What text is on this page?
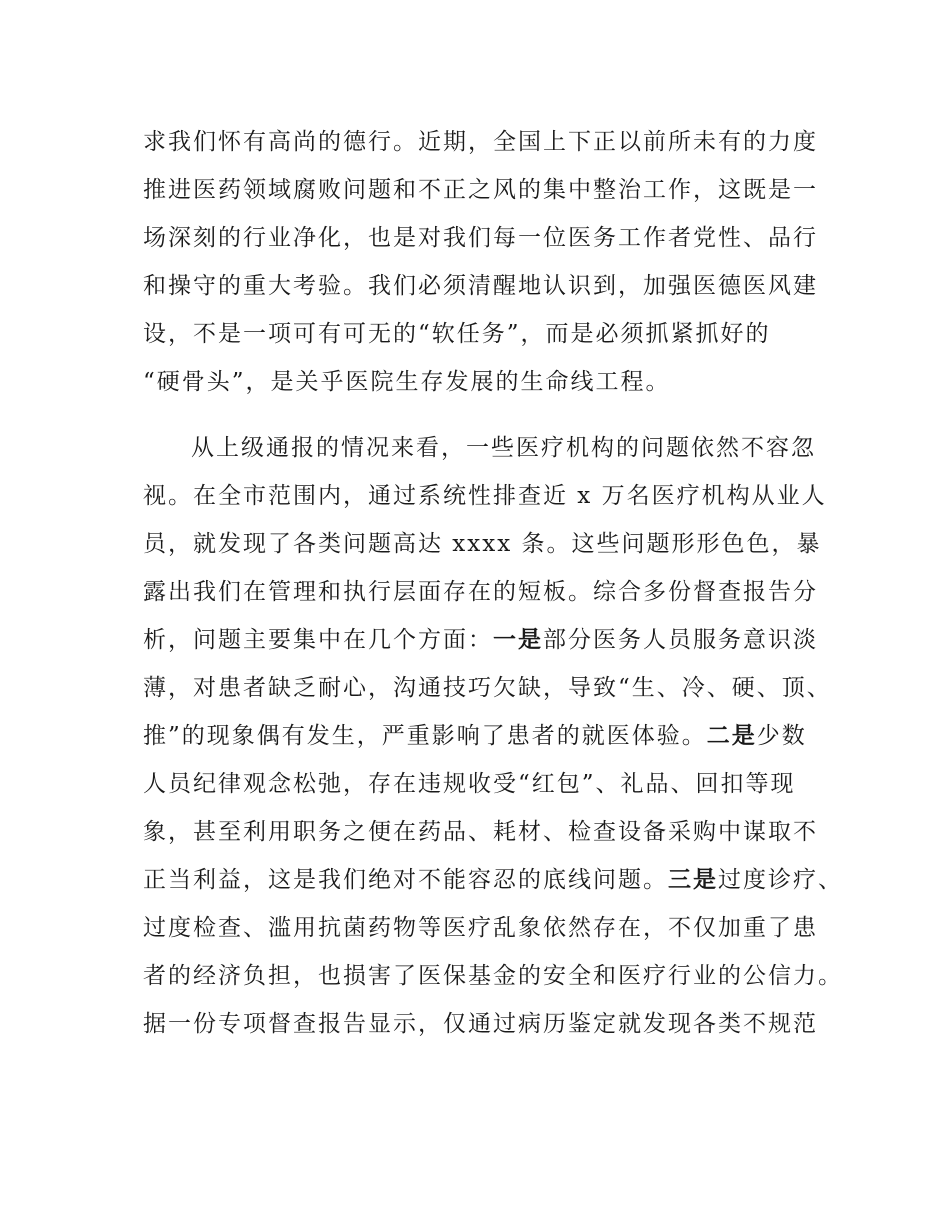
求我们怀有高尚的德行。近期，全国上下正以前所未有的力度
推进医药领域腐败问题和不正之风的集中整治工作，这既是一
场深刻的行业净化，也是对我们每一位医务工作者党性、品行
和操守的重大考验。我们必须清醒地认识到，加强医德医风建
设，不是一项可有可无的“软任务”，而是必须抓紧抓好的
“硬骨头”，是关乎医院生存发展的生命线工程。
从上级通报的情况来看，一些医疗机构的问题依然不容忽
视。在全市范围内，通过系统性排查近 x 万名医疗机构从业人
员，就发现了各类问题高达 xxxx 条。这些问题形形色色，暴
露出我们在管理和执行层面存在的短板。综合多份督查报告分
析，问题主要集中在几个方面：一是部分医务人员服务意识淡
薄，对患者缺乏耐心，沟通技巧欠缺，导致“生、冷、硬、顶、
推”的现象偶有发生，严重影响了患者的就医体验。二是少数
人员纪律观念松弛，存在违规收受“红包”、礼品、回扣等现
象，甚至利用职务之便在药品、耗材、检查设备采购中谋取不
正当利益，这是我们绝对不能容忍的底线问题。三是过度诊疗、
过度检查、滥用抗菌药物等医疗乱象依然存在，不仅加重了患
者的经济负担，也损害了医保基金的安全和医疗行业的公信力。
据一份专项督查报告显示，仅通过病历鉴定就发现各类不规范
